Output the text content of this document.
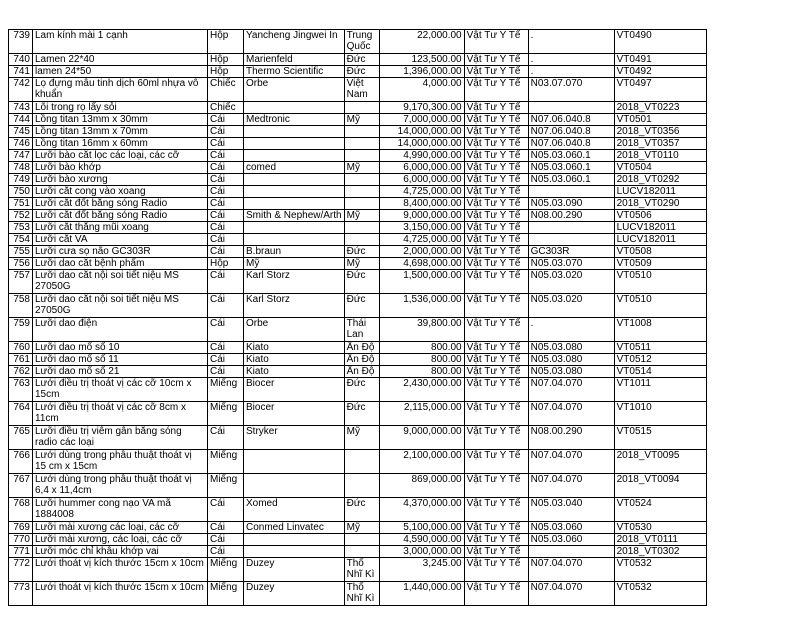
739	Lam kính mài 1 cạnh	Hộp	Yancheng Jingwei In	Trung Quốc	22,000.00	Vật Tư Y Tế	.	VT0490
740	Lamen 22*40	Hộp	Marienfeld	Đức	123,500.00	Vật Tư Y Tế	.	VT0491
741	lamen 24*50	Hộp	Thermo Scientific	Đức	1,396,000.00	Vật Tư Y Tế	.	VT0492
742	Lọ đựng mẫu tinh dịch 60ml nhựa vô khuẩn	Chiếc	Orbe	Việt Nam	4,000.00	Vật Tư Y Tế	N03.07.070	VT0497
743	Lõi trong rọ lấy sỏi	Chiếc			9,170,300.00	Vật Tư Y Tế		2018_VT0223
744	Lồng titan 13mm x 30mm	Cái	Medtronic	Mỹ	7,000,000.00	Vật Tư Y Tế	N07.06.040.8	VT0501
745	Lồng titan 13mm x 70mm	Cái			14,000,000.00	Vật Tư Y Tế	N07.06.040.8	2018_VT0356
746	Lồng titan 16mm x 60mm	Cái			14,000,000.00	Vật Tư Y Tế	N07.06.040.8	2018_VT0357
747	Lưỡi bào cắt lọc các loại, các cỡ	Cái			4,990,000.00	Vật Tư Y Tế	N05.03.060.1	2018_VT0110
748	Lưỡi bào khớp	Cái	comed	Mỹ	6,000,000.00	Vật Tư Y Tế	N05.03.060.1	VT0504
749	Lưỡi bào xương	Cái			6,000,000.00	Vật Tư Y Tế	N05.03.060.1	2018_VT0292
750	Lưỡi cắt cong vào xoang	Cái			4,725,000.00	Vật Tư Y Tế		LUCV182011
751	Lưỡi cắt đốt bằng sóng Radio	Cái			8,400,000.00	Vật Tư Y Tế	N05.03.090	2018_VT0290
752	Lưỡi cắt đốt bằng sóng Radio	Cái	Smith & Nephew/Arth	Mỹ	9,000,000.00	Vật Tư Y Tế	N08.00.290	VT0506
753	Lưỡi cắt thẳng mũi xoang	Cái			3,150,000.00	Vật Tư Y Tế		LUCV182011
754	Lưỡi cắt VA	Cái			4,725,000.00	Vật Tư Y Tế		LUCV182011
755	Lưỡi cưa sọ não GC303R	Cái	B.braun	Đức	2,000,000.00	Vật Tư Y Tế	GC303R	VT0508
756	Lưỡi dao cắt bệnh phẩm	Hộp	Mỹ	Mỹ	4,698,000.00	Vật Tư Y Tế	N05.03.070	VT0509
757	Lưỡi dao cắt nội soi tiết niệu MS 27050G	Cái	Karl Storz	Đức	1,500,000.00	Vật Tư Y Tế	N05.03.020	VT0510
758	Lưỡi dao cắt nội soi tiết niệu MS 27050G	Cái	Karl Storz	Đức	1,536,000.00	Vật Tư Y Tế	N05.03.020	VT0510
759	Lưỡi dao điện	Cái	Orbe	Thái Lan	39,800.00	Vật Tư Y Tế	.	VT1008
760	Lưỡi dao mổ số 10	Cái	Kiato	Ấn Độ	800.00	Vật Tư Y Tế	N05.03.080	VT0511
761	Lưỡi dao mổ số 11	Cái	Kiato	Ấn Độ	800.00	Vật Tư Y Tế	N05.03.080	VT0512
762	Lưỡi dao mổ số 21	Cái	Kiato	Ấn Độ	800.00	Vật Tư Y Tế	N05.03.080	VT0514
763	Lưới điều trị thoát vị các cỡ 10cm x 15cm	Miếng	Biocer	Đức	2,430,000.00	Vật Tư Y Tế	N07.04.070	VT1011
764	Lưới điều trị thoát vị các cỡ 8cm x 11cm	Miếng	Biocer	Đức	2,115,000.00	Vật Tư Y Tế	N07.04.070	VT1010
765	Lưỡi điều trị viêm gân bằng sóng radio các loại	Cái	Stryker	Mỹ	9,000,000.00	Vật Tư Y Tế	N08.00.290	VT0515
766	Lưới dùng trong phẫu thuật thoát vị 15 cm x 15cm	Miếng			2,100,000.00	Vật Tư Y Tế	N07.04.070	2018_VT0095
767	Lưới dùng trong phẫu thuật thoát vị 6,4 x 11,4cm	Miếng			869,000.00	Vật Tư Y Tế	N07.04.070	2018_VT0094
768	Lưỡi hummer cong nạo VA mã 1884008	Cái	Xomed	Đức	4,370,000.00	Vật Tư Y Tế	N05.03.040	VT0524
769	Lưỡi mài xương các loại, các cỡ	Cái	Conmed Linvatec	Mỹ	5,100,000.00	Vật Tư Y Tế	N05.03.060	VT0530
770	Lưỡi mài xương, các loại, các cỡ	Cái			4,590,000.00	Vật Tư Y Tế	N05.03.060	2018_VT0111
771	Lưỡi móc chỉ khâu khớp vai	Cái			3,000,000.00	Vật Tư Y Tế		2018_VT0302
772	Lưới thoát vị kích thước 15cm x 10cm	Miếng	Duzey	Thổ Nhĩ Kì	3,245.00	Vật Tư Y Tế	N07.04.070	VT0532
773	Lưới thoát vị kích thước 15cm x 10cm	Miếng	Duzey	Thổ Nhĩ Kì	1,440,000.00	Vật Tư Y Tế	N07.04.070	VT0532
